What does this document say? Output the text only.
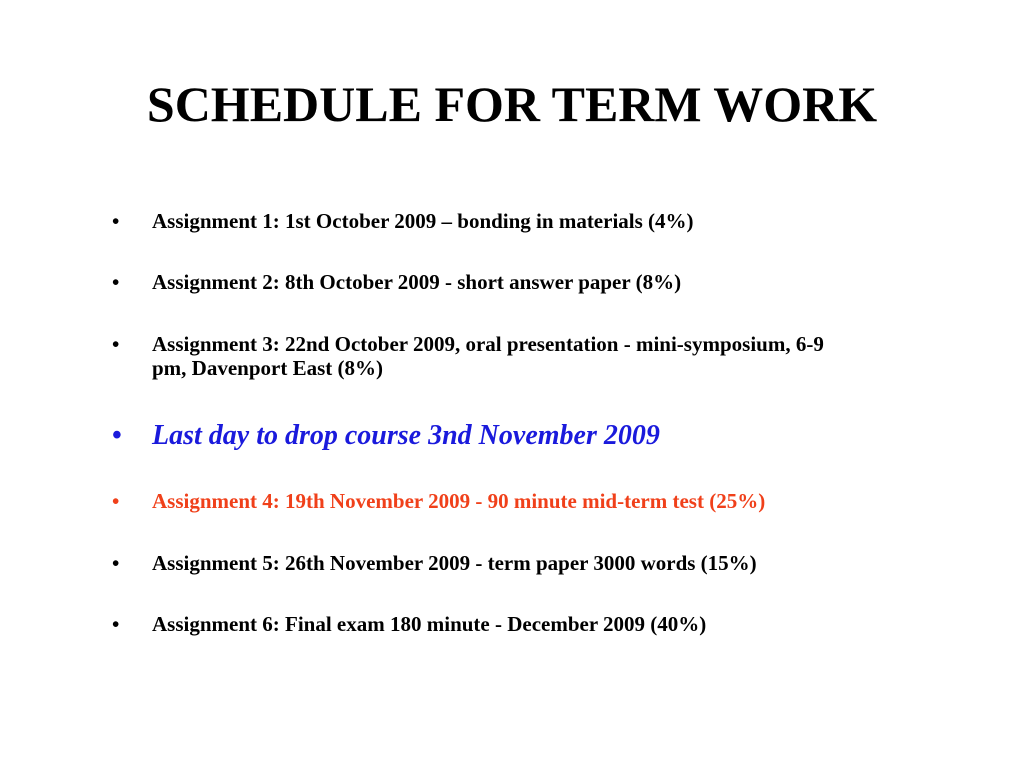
SCHEDULE FOR TERM WORK
•	Assignment 1: 1st October 2009 – bonding in materials (4%)
•	Assignment 2: 8th October 2009 - short answer paper (8%)
•	Assignment 3: 22nd October 2009, oral presentation - mini-symposium, 6-9 pm, Davenport East (8%)
• Last day to drop course 3nd November 2009
•	Assignment 4: 19th November 2009 - 90 minute mid-term test (25%)
•	Assignment 5: 26th November 2009 - term paper 3000 words (15%)
•	Assignment 6: Final exam 180 minute - December 2009 (40%)
